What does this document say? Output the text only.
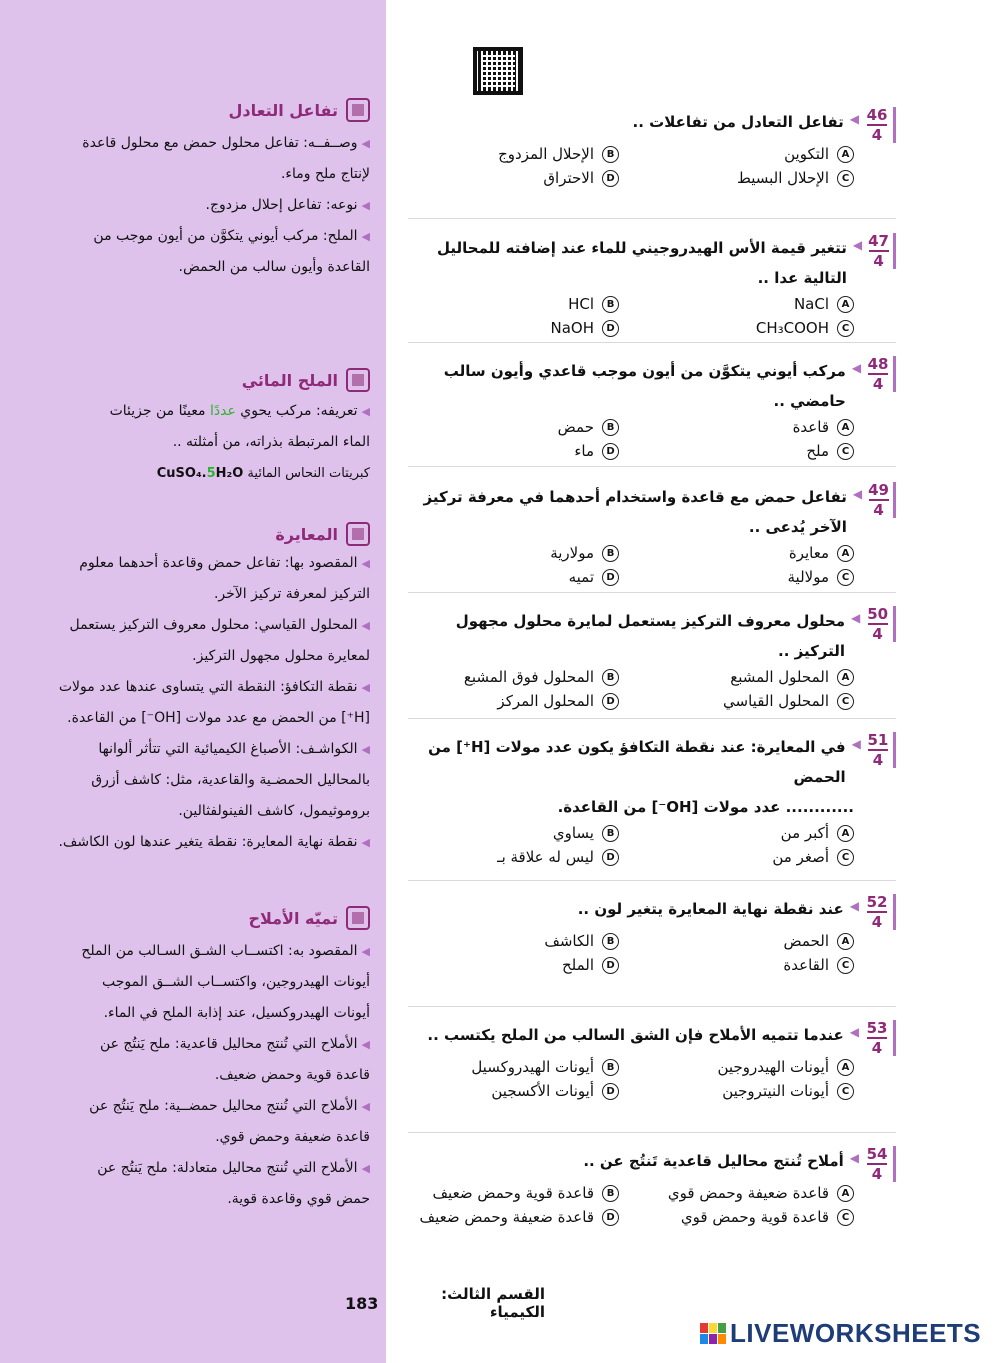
تفاعل التعادل

◀وصــفــه: تفاعل محلول حمض مع محلول قاعدة

لإنتاج ملح وماء.

◀نوعه: تفاعل إحلال مزدوج.

◀الملح: مركب أيوني يتكوَّن من أيون موجب من

القاعدة وأيون سالب من الحمض.

الملح المائي

◀تعريفه: مركب يحوي عددًا معينًا من جزيئات

الماء المرتبطة بذراته، من أمثلته ..

كبريتات النحاس المائية CuSO₄.5H₂O

المعايرة

◀المقصود بها: تفاعل حمض وقاعدة أحدهما معلوم

التركيز لمعرفة تركيز الآخر.

◀المحلول القياسي: محلول معروف التركيز يستعمل

لمعايرة محلول مجهول التركيز.

◀نقطة التكافؤ: النقطة التي يتساوى عندها عدد مولات

[H⁺] من الحمض مع عدد مولات [OH⁻] من القاعدة.

◀الكواشـف: الأصباغ الكيميائية التي تتأثر ألوانها

بالمحاليل الحمضـية والقاعدية، مثل: كاشف أزرق

بروموثيمول، كاشف الفينولفثالين.

◀نقطة نهاية المعايرة: نقطة يتغير عندها لون الكاشف.

تميّه الأملاح

◀المقصود به: اكتســاب الشـق السـالب من الملح

أيونات الهيدروجين، واكتســاب الشــق الموجب

أيونات الهيدروكسيل، عند إذابة الملح في الماء.

◀الأملاح التي تُنتج محاليل قاعدية: ملح يَنتُج عن

قاعدة قوية وحمض ضعيف.

◀الأملاح التي تُنتج محاليل حمضــية: ملح يَنتُج عن

قاعدة ضعيفة وحمض قوي.

◀الأملاح التي تُنتج محاليل متعادلة: ملح يَنتُج عن

حمض قوي وقاعدة قوية.

46
4
◀
تفاعل التعادل من تفاعلات ..
A
التكوين
B
الإحلال المزدوج
C
الإحلال البسيط
D
الاحتراق
47
4
◀
تتغير قيمة الأس الهيدروجيني للماء عند إضافته للمحاليل التالية عدا ..
A
NaCl
B
HCl
C
CH₃COOH
D
NaOH
48
4
◀
مركب أيوني يتكوَّن من أيون موجب قاعدي وأيون سالب حامضي ..
A
قاعدة
B
حمض
C
ملح
D
ماء
49
4
◀
تفاعل حمض مع قاعدة واستخدام أحدهما في معرفة تركيز الآخر يُدعى ..
A
معايرة
B
مولارية
C
مولالية
D
تميه
50
4
◀
محلول معروف التركيز يستعمل لمايرة محلول مجهول التركيز ..
A
المحلول المشبع
B
المحلول فوق المشبع
C
المحلول القياسي
D
المحلول المركز
51
4
◀
في المعايرة: عند نقطة التكافؤ يكون عدد مولات [H⁺] من الحمض
............ عدد مولات [OH⁻] من القاعدة.
A
أكبر من
B
يساوي
C
أصغر من
D
ليس له علاقة بـ
52
4
◀
عند نقطة نهاية المعايرة يتغير لون ..
A
الحمض
B
الكاشف
C
القاعدة
D
الملح
53
4
◀
عندما تتميه الأملاح فإن الشق السالب من الملح يكتسب ..
A
أيونات الهيدروجين
B
أيونات الهيدروكسيل
C
أيونات النيتروجين
D
أيونات الأكسجين
54
4
◀
أملاح تُنتج محاليل قاعدية تَنتُج عن ..
A
قاعدة ضعيفة وحمض قوي
B
قاعدة قوية وحمض ضعيف
C
قاعدة قوية وحمض قوي
D
قاعدة ضعيفة وحمض ضعيف
القسم الثالث: الكيمياء
183
LIVEWORKSHEETS
